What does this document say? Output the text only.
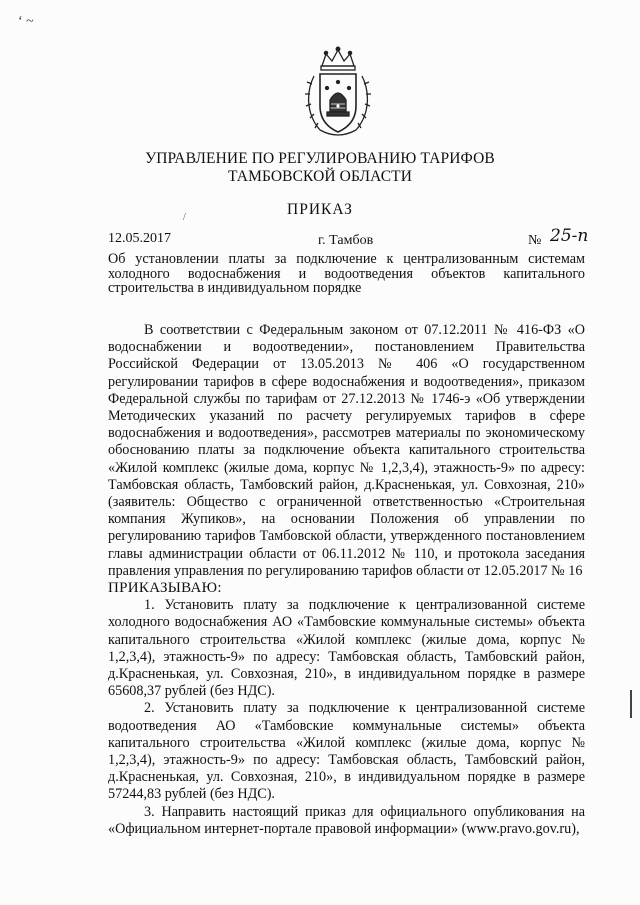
‘ ~
УПРАВЛЕНИЕ ПО РЕГУЛИРОВАНИЮ ТАРИФОВ
ТАМБОВСКОЙ ОБЛАСТИ
ПРИКАЗ
/
12.05.2017	г. Тамбов	№ 25-п
Об установлении платы за подключение к централизованным системам холодного водоснабжения и водоотведения объектов капитального строительства в индивидуальном порядке

В соответствии с Федеральным законом от 07.12.2011 № 416-ФЗ «О водоснабжении и водоотведении», постановлением Правительства Российской Федерации от 13.05.2013 № 406 «О государственном регулировании тарифов в сфере водоснабжения и водоотведения», приказом Федеральной службы по тарифам от 27.12.2013 № 1746-э «Об утверждении Методических указаний по расчету регулируемых тарифов в сфере водоснабжения и водоотведения», рассмотрев материалы по экономическому обоснованию платы за подключение объекта капитального строительства «Жилой комплекс (жилые дома, корпус № 1,2,3,4), этажность-9» по адресу: Тамбовская область, Тамбовский район, д.Красненькая, ул. Совхозная, 210» (заявитель: Общество с ограниченной ответственностью «Строительная компания Жупиков», на основании Положения об управлении по регулированию тарифов Тамбовской области, утвержденного постановлением главы администрации области от 06.11.2012 № 110, и протокола заседания правления управления по регулированию тарифов области от 12.05.2017 № 16

ПРИКАЗЫВАЮ:

1. Установить плату за подключение к централизованной системе холодного водоснабжения АО «Тамбовские коммунальные системы» объекта капитального строительства «Жилой комплекс (жилые дома, корпус № 1,2,3,4), этажность-9» по адресу: Тамбовская область, Тамбовский район, д.Красненькая, ул. Совхозная, 210», в индивидуальном порядке в размере 65608,37 рублей (без НДС).

2. Установить плату за подключение к централизованной системе водоотведения АО «Тамбовские коммунальные системы» объекта капитального строительства «Жилой комплекс (жилые дома, корпус № 1,2,3,4), этажность-9» по адресу: Тамбовская область, Тамбовский район, д.Красненькая, ул. Совхозная, 210», в индивидуальном порядке в размере 57244,83 рублей (без НДС).

3. Направить настоящий приказ для официального опубликования на «Официальном интернет-портале правовой информации» (www.pravo.gov.ru),
